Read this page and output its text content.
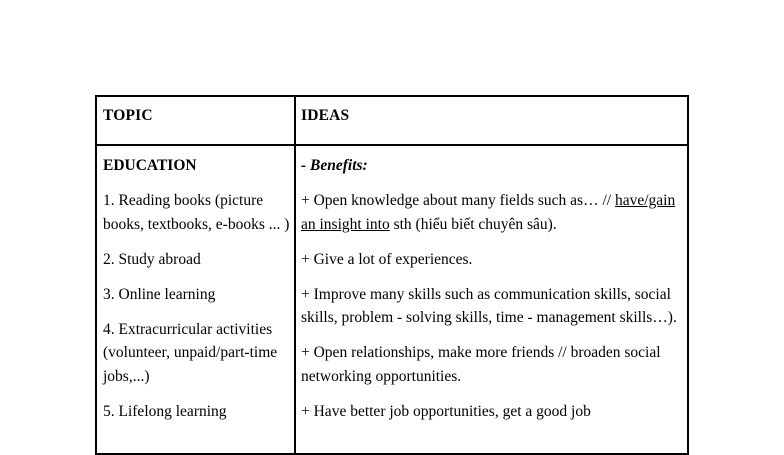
TOPIC	IDEAS

EDUCATION

1. Reading books (picture books, textbooks, e-books ... )

2. Study abroad

3. Online learning

4. Extracurricular activities (volunteer, unpaid/part-time jobs,...)

5. Lifelong learning

- Benefits:

+ Open knowledge about many fields such as… // have/gain an insight into sth (hiểu biết chuyên sâu).

+ Give a lot of experiences.

+ Improve many skills such as communication skills, social skills, problem - solving skills, time - management skills…).

+ Open relationships, make more friends // broaden social networking opportunities.

+ Have better job opportunities, get a good job
